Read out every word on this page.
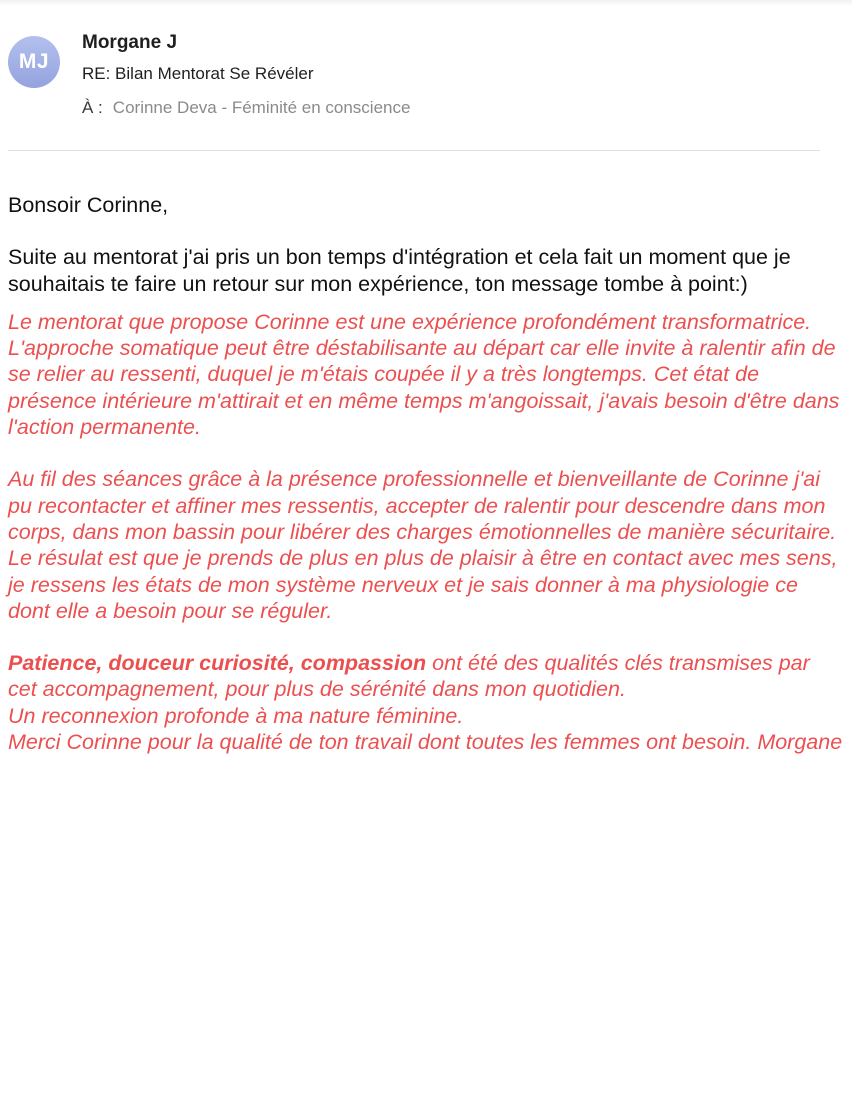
MJ
Morgane J
RE: Bilan Mentorat Se Révéler
À : Corinne Deva - Féminité en conscience

Bonsoir Corinne,

Suite au mentorat j'ai pris un bon temps d'intégration et cela fait un moment que je souhaitais te faire un retour sur mon expérience, ton message tombe à point:)

Le mentorat que propose Corinne est une expérience profondément transformatrice.

L'approche somatique peut être déstabilisante au départ car elle invite à ralentir afin de se relier au ressenti, duquel je m'étais coupée il y a très longtemps. Cet état de présence intérieure m'attirait et en même temps m'angoissait, j'avais besoin d'être dans l'action permanente.

Au fil des séances grâce à la présence professionnelle et bienveillante de Corinne j'ai pu recontacter et affiner mes ressentis, accepter de ralentir pour descendre dans mon corps, dans mon bassin pour libérer des charges émotionnelles de manière sécuritaire.

Le résulat est que je prends de plus en plus de plaisir à être en contact avec mes sens, je ressens les états de mon système nerveux et je sais donner à ma physiologie ce dont elle a besoin pour se réguler.

Patience, douceur curiosité, compassion ont été des qualités clés transmises par cet accompagnement, pour plus de sérénité dans mon quotidien.

Un reconnexion profonde à ma nature féminine.

Merci Corinne pour la qualité de ton travail dont toutes les femmes ont besoin. Morgane
